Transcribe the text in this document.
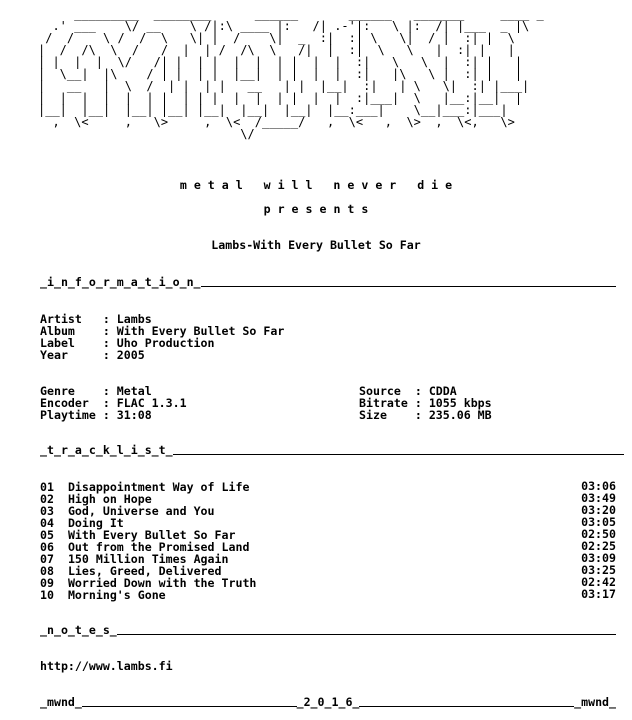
_________  ________      ______       ______   _______     ____ _
.' ___    \/ __    \ /|:\ ____ |:   /| .-'|:   \ |:  /| |___  _ |\
/  /    \ /  /  \   \| |  /    \|  _  :|  :| \   \|  / |  :| |  \
|  /  /\  \  /   /  |  | /  /\  \   /|  |  :|  \   \   |  :| |   |
| |  |  |  \/   /| |  | |  |  |  | |  |  |  :|   \   \  |  :| |   |
|  \__|  |\    / | |  | |  |__|  | |  |  |  :|   |\   \ |  :| |   |
|   __   |  \  /  | |  | |   __   | |  |__|  :|   | \   \|  :| |___|
|  |  |  |  |  | |  | | |  |  |  | |  |  |  :|___|  \   |__:|__|  |
|__|  |__|  |__| |__| |__|  |__|  |__|  |__:___|    \__|___:|___|
,  \<     ,   \>     ,  \<  /_____/   ,  \<   ,  \>  ,  \<,   \>
\/
m e t a l   w i l l   n e v e r   d i e
p r e s e n t s
Lambs-With Every Bullet So Far
_i_n_f_o_r_m_a_t_i_o_n_
Artist   : Lambs
Album    : With Every Bullet So Far
Label    : Uho Production
Year     : 2005
Genre    : Metal
Encoder  : FLAC 1.3.1
Playtime : 31:08
Source  : CDDA
Bitrate : 1055 kbps
Size    : 235.06 MB
_t_r_a_c_k_l_i_s_t_
01 Disappointment Way of Life	03:06
02 High on Hope	03:49
03 God, Universe and You	03:20
04 Doing It	03:05
05 With Every Bullet So Far	02:50
06 Out from the Promised Land	02:25
07 150 Million Times Again	03:09
08 Lies, Greed, Delivered	03:25
09 Worried Down with the Truth	02:42
10 Morning's Gone	03:17
_n_o_t_e_s_
http://www.lambs.fi
_mwnd_	_2_0_1_6_	_mwnd_
